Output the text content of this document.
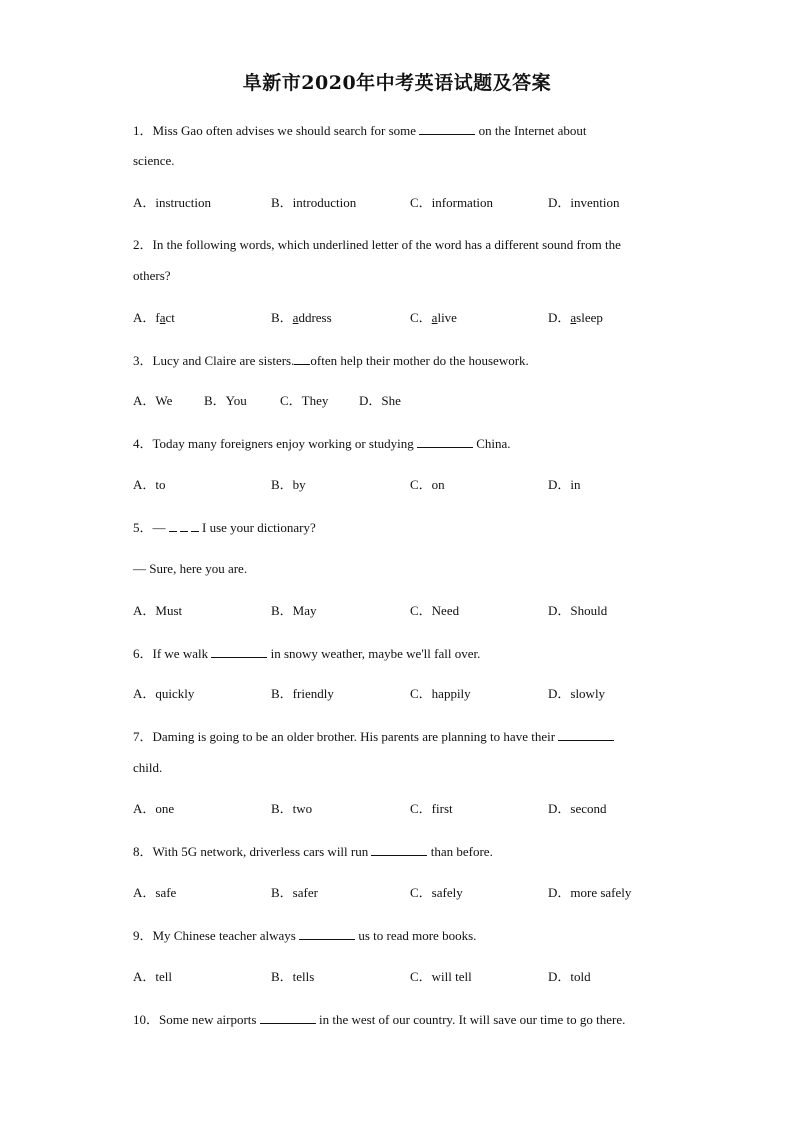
阜新市2020年中考英语试题及答案
1．Miss Gao often advises we should search for some	on the Internet about
science.
A．instruction	B．introduction	C．information	D．invention
2．In the following words, which underlined letter of the word has a different sound from the
others?
A．fact	B．address	C．alive	D．asleep
3．Lucy and Claire are sisters. often help their mother do the housework.
A．We B．You	C．They D．She
4．Today many foreigners enjoy working or studying	China.
A．to	B．by	C．on	D．in
5．—  I use your dictionary?
— Sure, here you are.
A．Must	B．May	C．Need	D．Should
6．If we walk	in snowy weather, maybe we'll fall over.
A．quickly	B．friendly	C．happily	D．slowly
7．Daming is going to be an older brother. His parents are planning to have their
child.
A．one	B．two	C．first	D．second
8．With 5G network, driverless cars will run	than before.
A．safe	B．safer	C．safely	D．more safely
9．My Chinese teacher always	us to read more books.
A．tell	B．tells	C．will tell	D．told
10．Some new airports	in the west of our country. It will save our time to go there.
